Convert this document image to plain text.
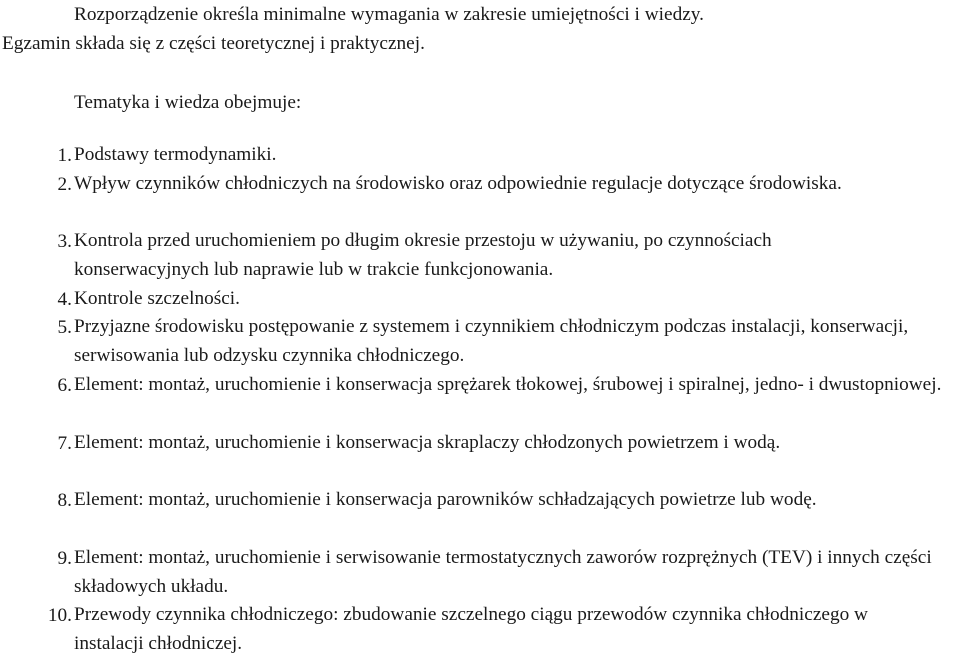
Rozporządzenie określa minimalne wymagania w zakresie umiejętności i wiedzy.
Egzamin składa się z części teoretycznej i praktycznej.
Tematyka i wiedza obejmuje:
1. Podstawy termodynamiki.
2. Wpływ czynników chłodniczych na środowisko oraz odpowiednie regulacje dotyczące środowiska.
3. Kontrola przed uruchomieniem po długim okresie przestoju w używaniu, po czynnościach konserwacyjnych lub naprawie lub w trakcie funkcjonowania.
4. Kontrole szczelności.
5. Przyjazne środowisku postępowanie z systemem i czynnikiem chłodniczym podczas instalacji, konserwacji, serwisowania lub odzysku czynnika chłodniczego.
6. Element: montaż, uruchomienie i konserwacja sprężarek tłokowej, śrubowej i spiralnej, jedno- i dwustopniowej.
7. Element: montaż, uruchomienie i konserwacja skraplaczy chłodzonych powietrzem i wodą.
8. Element: montaż, uruchomienie i konserwacja parowników schładzających powietrze lub wodę.
9. Element: montaż, uruchomienie i serwisowanie termostatycznych zaworów rozprężnych (TEV) i innych części składowych układu.
10. Przewody czynnika chłodniczego: zbudowanie szczelnego ciągu przewodów czynnika chłodniczego w instalacji chłodniczej.
